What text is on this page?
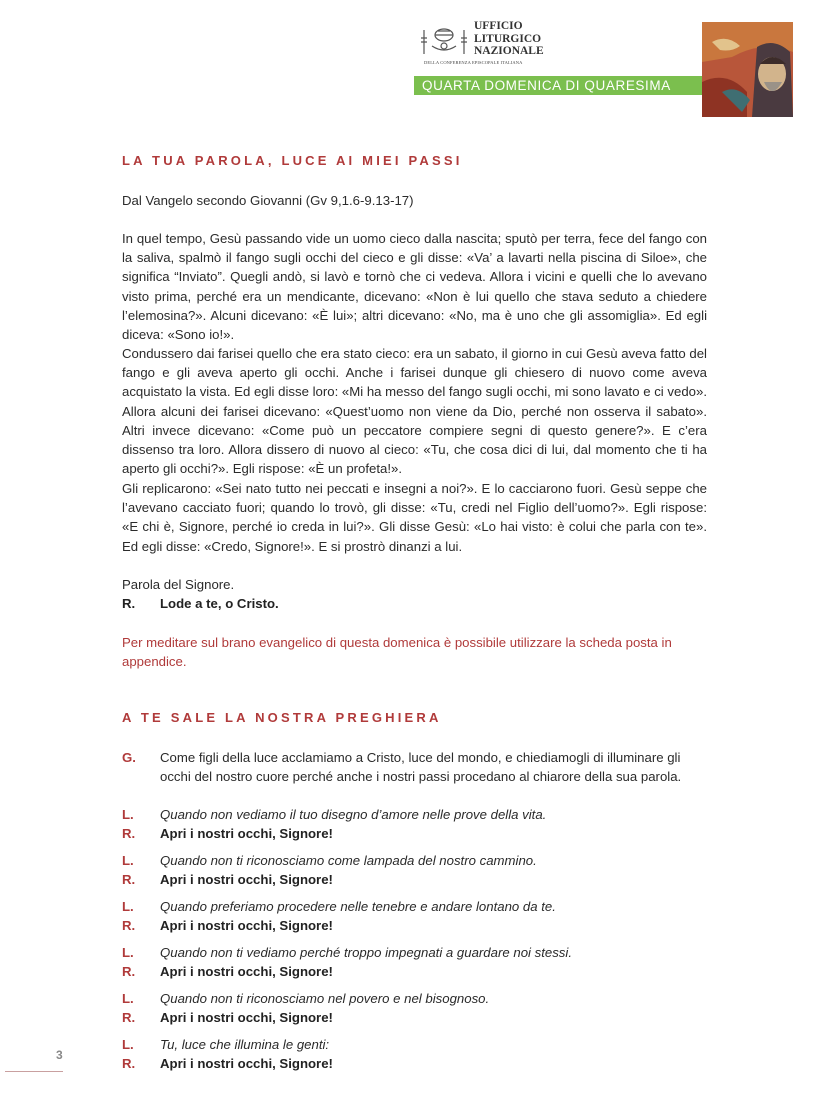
UFFICIO
LITURGICO
NAZIONALE
DELLA CONFERENZA EPISCOPALE ITALIANA
QUARTA DOMENICA DI QUARESIMA
LA TUA PAROLA, LUCE AI MIEI PASSI
Dal Vangelo secondo Giovanni (Gv 9,1.6-9.13-17)
In quel tempo, Gesù passando vide un uomo cieco dalla nascita; sputò per terra, fece del fango con la saliva, spalmò il fango sugli occhi del cieco e gli disse: «Va’ a lavarti nella piscina di Siloe», che significa “Inviato”. Quegli andò, si lavò e tornò che ci vedeva. Allora i vicini e quelli che lo avevano visto prima, perché era un mendicante, dicevano: «Non è lui quello che stava seduto a chiedere l’elemosina?». Alcuni dicevano: «È lui»; altri dicevano: «No, ma è uno che gli assomiglia». Ed egli diceva: «Sono io!».
Condussero dai farisei quello che era stato cieco: era un sabato, il giorno in cui Gesù aveva fatto del fango e gli aveva aperto gli occhi. Anche i farisei dunque gli chiesero di nuovo come aveva acquistato la vista. Ed egli disse loro: «Mi ha messo del fango sugli occhi, mi sono lavato e ci vedo». Allora alcuni dei farisei dicevano: «Quest’uomo non viene da Dio, perché non osserva il sabato». Altri invece dicevano: «Come può un peccatore compiere segni di questo genere?». E c’era dissenso tra loro. Allora dissero di nuovo al cieco: «Tu, che cosa dici di lui, dal momento che ti ha aperto gli occhi?». Egli rispose: «È un profeta!».
Gli replicarono: «Sei nato tutto nei peccati e insegni a noi?». E lo cacciarono fuori. Gesù seppe che l’avevano cacciato fuori; quando lo trovò, gli disse: «Tu, credi nel Figlio dell’uomo?». Egli rispose: «E chi è, Signore, perché io creda in lui?». Gli disse Gesù: «Lo hai visto: è colui che parla con te». Ed egli disse: «Credo, Signore!». E si prostrò dinanzi a lui.
Parola del Signore.
R. Lode a te, o Cristo.
Per meditare sul brano evangelico di questa domenica è possibile utilizzare la scheda posta in appendice.
A TE SALE LA NOSTRA PREGHIERA
G. Come figli della luce acclamiamo a Cristo, luce del mondo, e chiediamogli di illuminare gli occhi del nostro cuore perché anche i nostri passi procedano al chiarore della sua parola.
L. Quando non vediamo il tuo disegno d’amore nelle prove della vita.
R. Apri i nostri occhi, Signore!
L. Quando non ti riconosciamo come lampada del nostro cammino.
R. Apri i nostri occhi, Signore!
L. Quando preferiamo procedere nelle tenebre e andare lontano da te.
R. Apri i nostri occhi, Signore!
L. Quando non ti vediamo perché troppo impegnati a guardare noi stessi.
R. Apri i nostri occhi, Signore!
L. Quando non ti riconosciamo nel povero e nel bisognoso.
R. Apri i nostri occhi, Signore!
L. Tu, luce che illumina le genti:
R. Apri i nostri occhi, Signore!
3
